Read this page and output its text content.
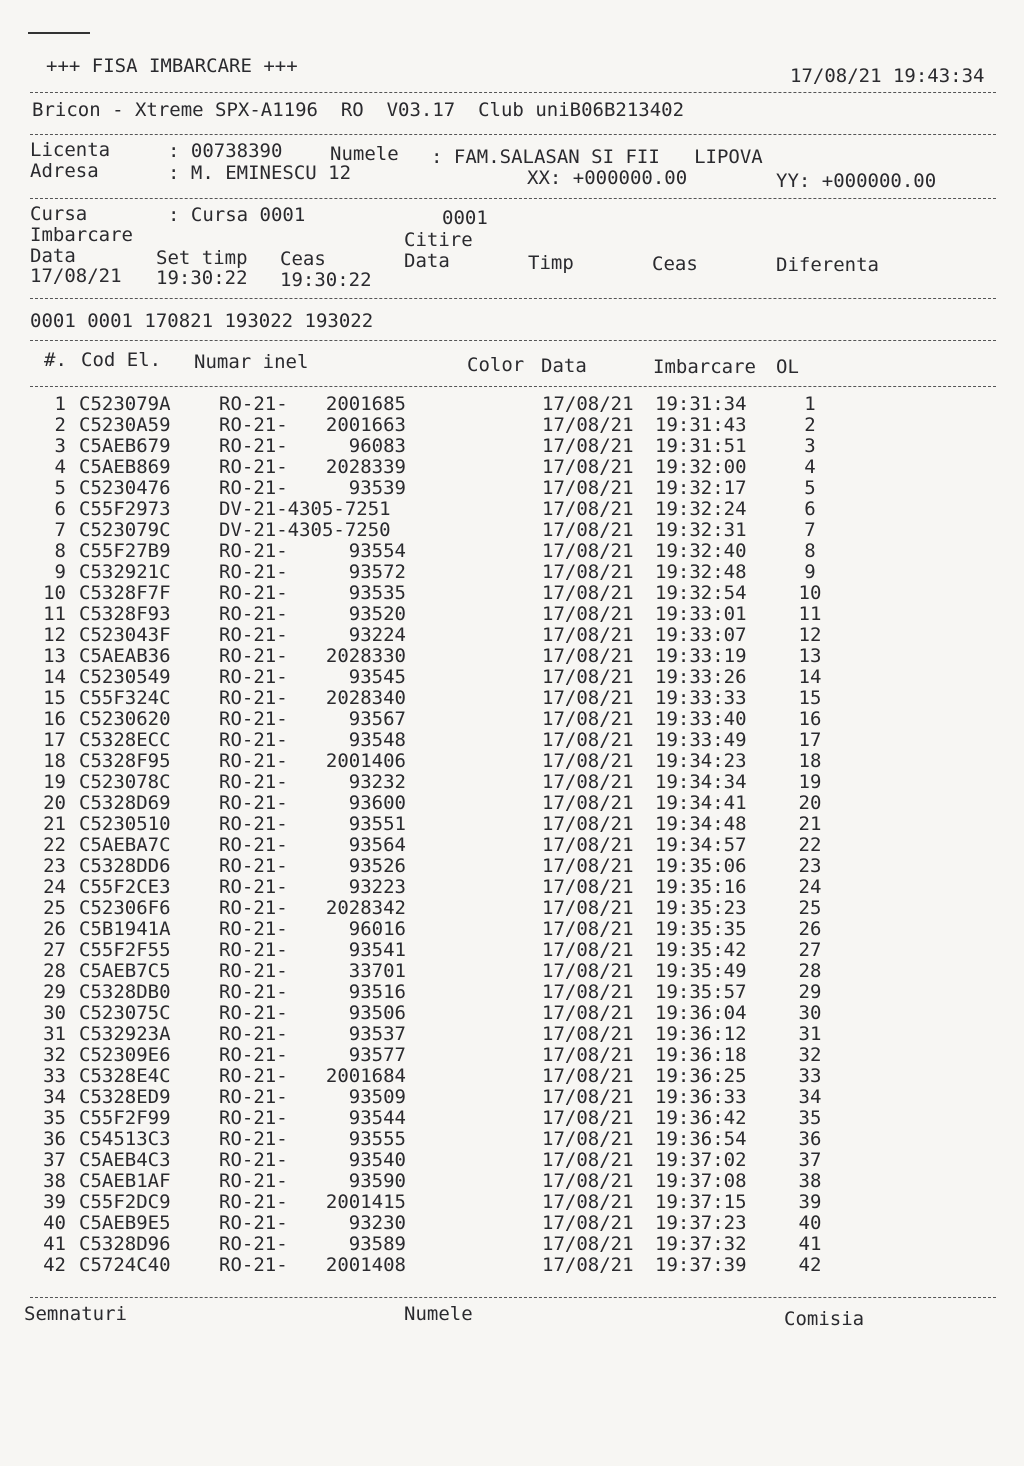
+++ FISA IMBARCARE +++	17/08/21 19:43:34
Bricon - Xtreme SPX-A1196  RO  V03.17  Club uniB06B213402
Licenta	: 00738390	Numele : FAM.SALASAN SI FII   LIPOVA
Adresa	: M. EMINESCU 12	XX: +000000.00	YY: +000000.00
Cursa	: Cursa 0001	0001
Imbarcare	Citire
Data	Set timp Ceas	Data	Timp	Ceas	Diferenta
17/08/21 19:30:22 19:30:22
0001 0001 170821 193022 193022
#. Cod El. Numar inel	Color Data	Imbarcare OL
1 C523079A	RO-21-	2001685	17/08/21 19:31:34	1
2 C5230A59	RO-21-	2001663	17/08/21 19:31:43	2
3 C5AEB679	RO-21-	96083	17/08/21 19:31:51	3
4 C5AEB869	RO-21-	2028339	17/08/21 19:32:00	4
5 C5230476	RO-21-	93539	17/08/21 19:32:17	5
6 C55F2973	DV-21-4305-7251	17/08/21 19:32:24	6
7 C523079C	DV-21-4305-7250	17/08/21 19:32:31	7
8 C55F27B9	RO-21-	93554	17/08/21 19:32:40	8
9 C532921C	RO-21-	93572	17/08/21 19:32:48	9
10 C5328F7F	RO-21-	93535	17/08/21 19:32:54	10
11 C5328F93	RO-21-	93520	17/08/21 19:33:01	11
12 C523043F	RO-21-	93224	17/08/21 19:33:07	12
13 C5AEAB36	RO-21-	2028330	17/08/21 19:33:19	13
14 C5230549	RO-21-	93545	17/08/21 19:33:26	14
15 C55F324C	RO-21-	2028340	17/08/21 19:33:33	15
16 C5230620	RO-21-	93567	17/08/21 19:33:40	16
17 C5328ECC	RO-21-	93548	17/08/21 19:33:49	17
18 C5328F95	RO-21-	2001406	17/08/21 19:34:23	18
19 C523078C	RO-21-	93232	17/08/21 19:34:34	19
20 C5328D69	RO-21-	93600	17/08/21 19:34:41	20
21 C5230510	RO-21-	93551	17/08/21 19:34:48	21
22 C5AEBA7C	RO-21-	93564	17/08/21 19:34:57	22
23 C5328DD6	RO-21-	93526	17/08/21 19:35:06	23
24 C55F2CE3	RO-21-	93223	17/08/21 19:35:16	24
25 C52306F6	RO-21-	2028342	17/08/21 19:35:23	25
26 C5B1941A	RO-21-	96016	17/08/21 19:35:35	26
27 C55F2F55	RO-21-	93541	17/08/21 19:35:42	27
28 C5AEB7C5	RO-21-	33701	17/08/21 19:35:49	28
29 C5328DB0	RO-21-	93516	17/08/21 19:35:57	29
30 C523075C	RO-21-	93506	17/08/21 19:36:04	30
31 C532923A	RO-21-	93537	17/08/21 19:36:12	31
32 C52309E6	RO-21-	93577	17/08/21 19:36:18	32
33 C5328E4C	RO-21-	2001684	17/08/21 19:36:25	33
34 C5328ED9	RO-21-	93509	17/08/21 19:36:33	34
35 C55F2F99	RO-21-	93544	17/08/21 19:36:42	35
36 C54513C3	RO-21-	93555	17/08/21 19:36:54	36
37 C5AEB4C3	RO-21-	93540	17/08/21 19:37:02	37
38 C5AEB1AF	RO-21-	93590	17/08/21 19:37:08	38
39 C55F2DC9	RO-21-	2001415	17/08/21 19:37:15	39
40 C5AEB9E5	RO-21-	93230	17/08/21 19:37:23	40
41 C5328D96	RO-21-	93589	17/08/21 19:37:32	41
42 C5724C40	RO-21-	2001408	17/08/21 19:37:39	42
Semnaturi	Numele	Comisia
